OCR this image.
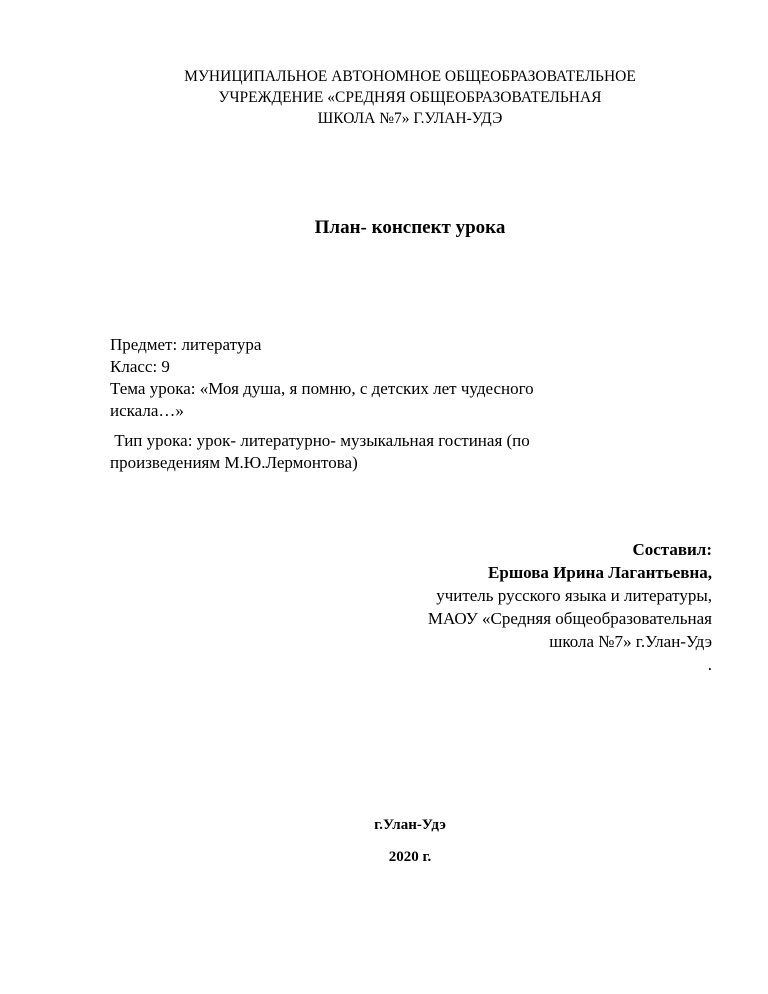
МУНИЦИПАЛЬНОЕ АВТОНОМНОЕ ОБЩЕОБРАЗОВАТЕЛЬНОЕ
УЧРЕЖДЕНИЕ «СРЕДНЯЯ ОБЩЕОБРАЗОВАТЕЛЬНАЯ
ШКОЛА №7» Г.УЛАН-УДЭ
План- конспект урока
Предмет: литература
Класс: 9
Тема урока: «Моя душа, я помню, с детских лет чудесного
искала…»
Тип урока: урок- литературно- музыкальная гостиная (по
произведениям М.Ю.Лермонтова)
Составил:
Ершова Ирина Лагантьевна,
учитель русского языка и литературы,
МАОУ «Средняя общеобразовательная
школа №7» г.Улан-Удэ
.
г.Улан-Удэ
2020 г.
